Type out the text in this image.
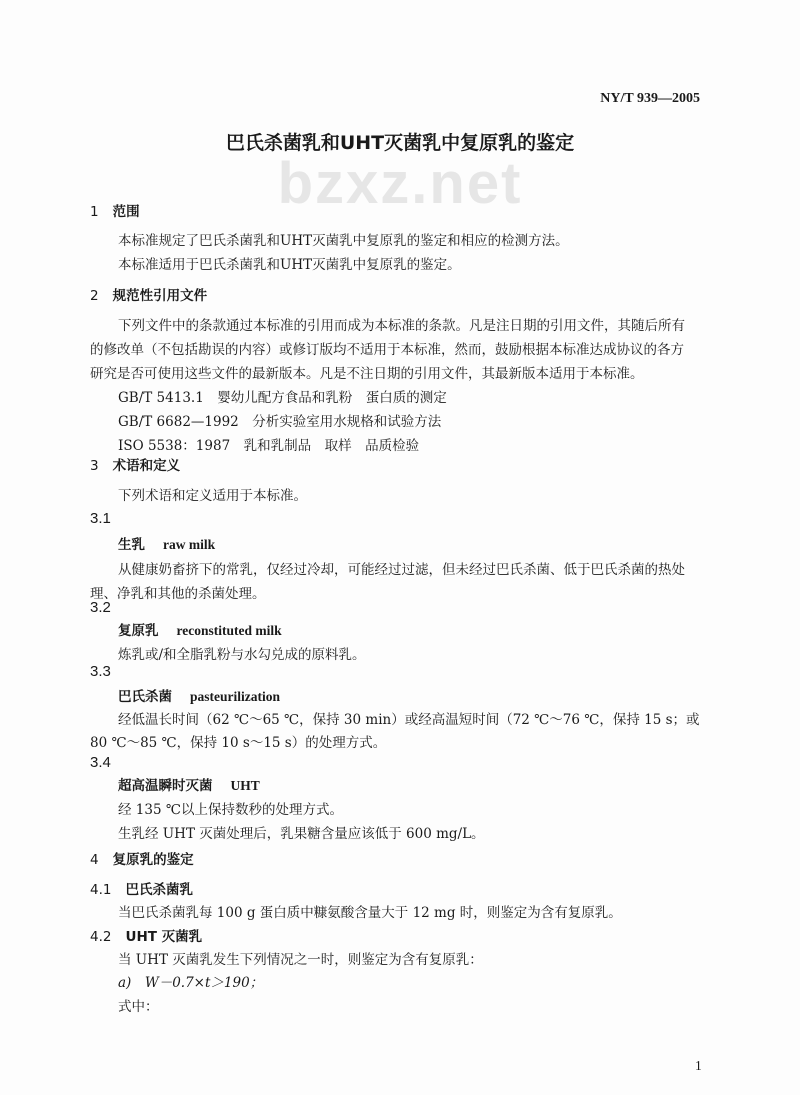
bzxz.net
NY/T 939—2005
巴氏杀菌乳和UHT灭菌乳中复原乳的鉴定
1 范围
本标准规定了巴氏杀菌乳和UHT灭菌乳中复原乳的鉴定和相应的检测方法。
本标准适用于巴氏杀菌乳和UHT灭菌乳中复原乳的鉴定。
2 规范性引用文件
下列文件中的条款通过本标准的引用而成为本标准的条款。凡是注日期的引用文件，其随后所有
的修改单（不包括勘误的内容）或修订版均不适用于本标准，然而，鼓励根据本标准达成协议的各方
研究是否可使用这些文件的最新版本。凡是不注日期的引用文件，其最新版本适用于本标准。
GB/T 5413.1　婴幼儿配方食品和乳粉　蛋白质的测定
GB/T 6682—1992　分析实验室用水规格和试验方法
ISO 5538：1987　乳和乳制品　取样　品质检验
3 术语和定义
下列术语和定义适用于本标准。
3.1
生乳 raw milk
从健康奶畜挤下的常乳，仅经过冷却，可能经过过滤，但未经过巴氏杀菌、低于巴氏杀菌的热处
理、净乳和其他的杀菌处理。
3.2
复原乳 reconstituted milk
炼乳或/和全脂乳粉与水勾兑成的原料乳。
3.3
巴氏杀菌 pasteurilization
经低温长时间（62 ℃～65 ℃，保持 30 min）或经高温短时间（72 ℃～76 ℃，保持 15 s；或
80 ℃～85 ℃，保持 10 s～15 s）的处理方式。
3.4
超高温瞬时灭菌 UHT
经 135 ℃以上保持数秒的处理方式。
生乳经 UHT 灭菌处理后，乳果糖含量应该低于 600 mg/L。
4 复原乳的鉴定
4.1 巴氏杀菌乳
当巴氏杀菌乳每 100 g 蛋白质中糠氨酸含量大于 12 mg 时，则鉴定为含有复原乳。
4.2 UHT 灭菌乳
当 UHT 灭菌乳发生下列情况之一时，则鉴定为含有复原乳：
a)　W－0.7×t＞190；
式中：
1
